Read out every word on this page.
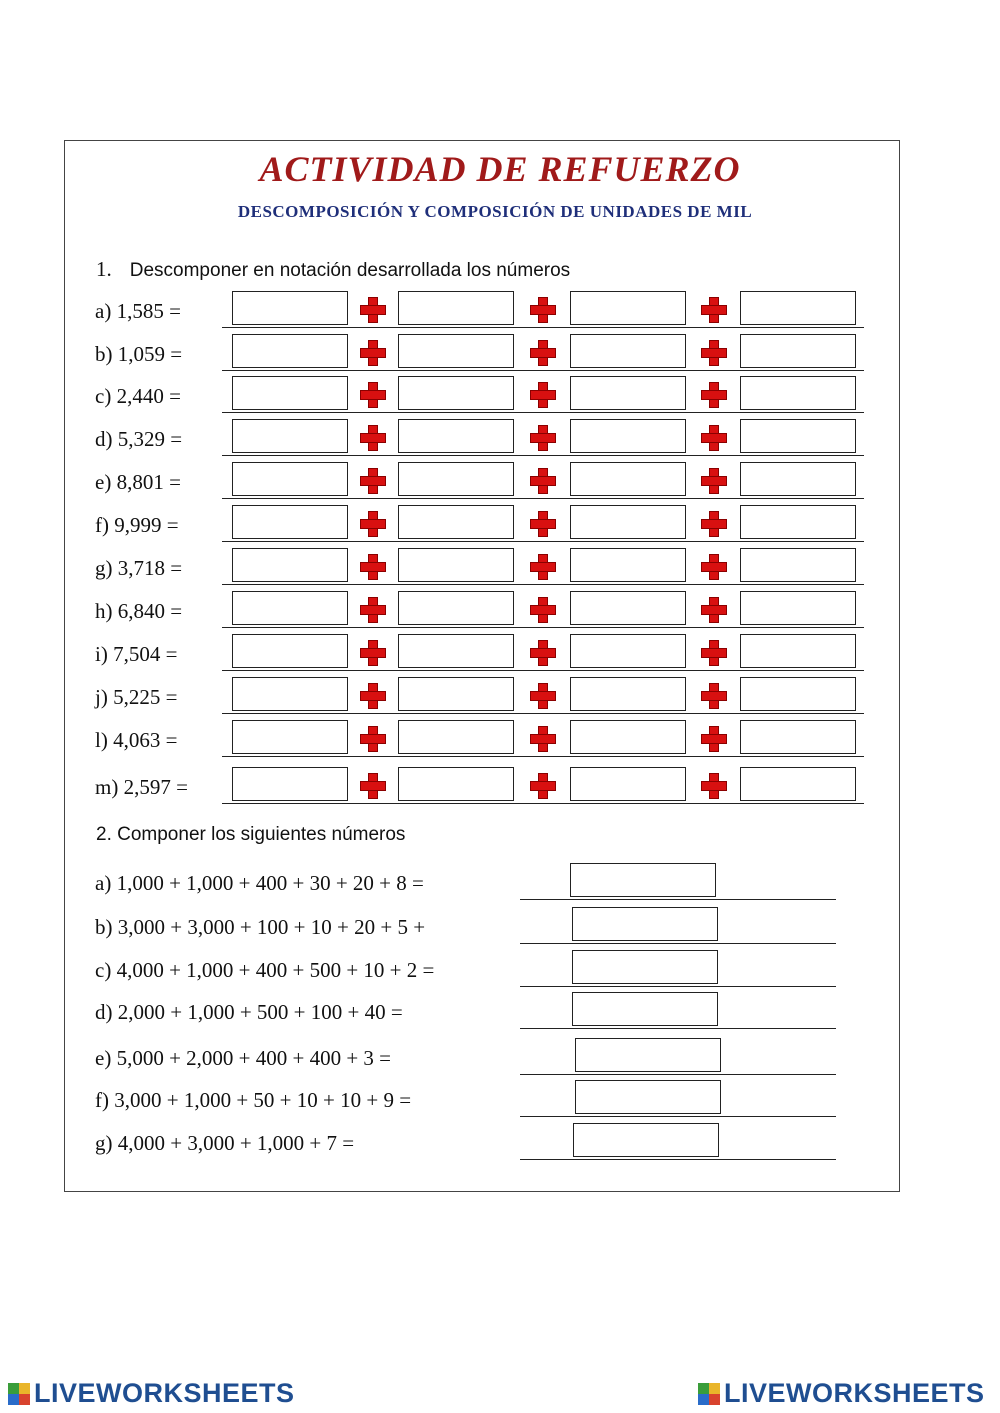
ACTIVIDAD DE REFUERZO
DESCOMPOSICIÓN Y COMPOSICIÓN DE UNIDADES DE MIL
1. Descomponer en notación desarrollada los números
a) 1,585 =
b) 1,059 =
c) 2,440 =
d) 5,329 =
e) 8,801 =
f) 9,999 =
g) 3,718 =
h) 6,840 =
i) 7,504 =
j) 5,225 =
l) 4,063 =
m) 2,597 =
2. Componer los siguientes números
a) 1,000 + 1,000 + 400 + 30 + 20 + 8 =
b) 3,000 + 3,000 + 100 + 10 + 20 + 5 +
c) 4,000 + 1,000 + 400 + 500 + 10 + 2 =
d) 2,000 + 1,000 + 500 + 100 + 40 =
e) 5,000 + 2,000 + 400 + 400 + 3 =
f) 3,000 + 1,000 + 50 + 10 + 10 + 9 =
g) 4,000 + 3,000 + 1,000 + 7 =
LIVEWORKSHEETS	LIVEWORKSHEETS
